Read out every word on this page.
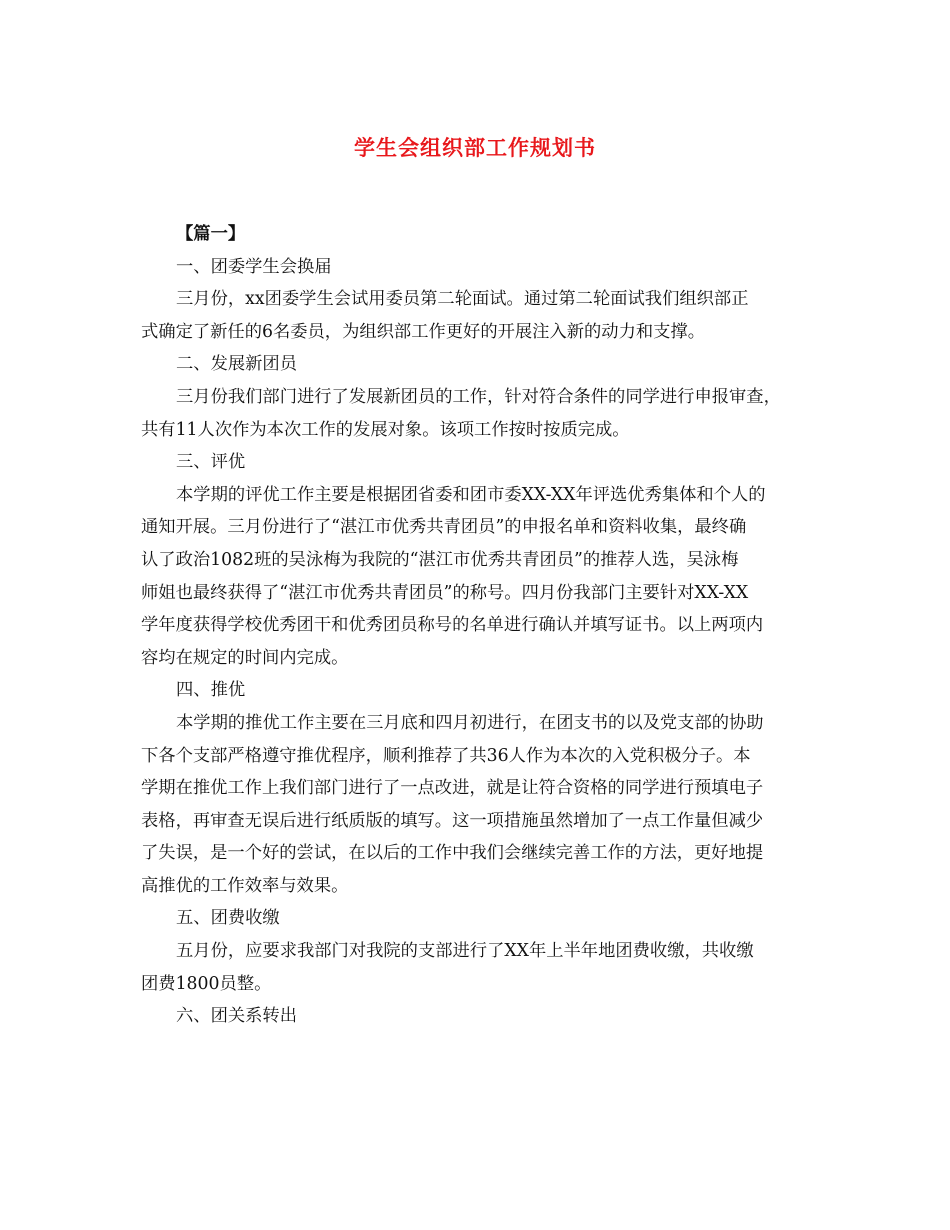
学生会组织部工作规划书
【篇一】
一、团委学生会换届
三月份，xx团委学生会试用委员第二轮面试。通过第二轮面试我们组织部正
式确定了新任的6名委员，为组织部工作更好的开展注入新的动力和支撑。
二、发展新团员
三月份我们部门进行了发展新团员的工作，针对符合条件的同学进行申报审查，
共有11人次作为本次工作的发展对象。该项工作按时按质完成。
三、评优
本学期的评优工作主要是根据团省委和团市委XX-XX年评选优秀集体和个人的
通知开展。三月份进行了“湛江市优秀共青团员”的申报名单和资料收集，最终确
认了政治1082班的吴泳梅为我院的“湛江市优秀共青团员”的推荐人选，吴泳梅
师姐也最终获得了“湛江市优秀共青团员”的称号。四月份我部门主要针对XX-XX
学年度获得学校优秀团干和优秀团员称号的名单进行确认并填写证书。以上两项内
容均在规定的时间内完成。
四、推优
本学期的推优工作主要在三月底和四月初进行，在团支书的以及党支部的协助
下各个支部严格遵守推优程序，顺利推荐了共36人作为本次的入党积极分子。本
学期在推优工作上我们部门进行了一点改进，就是让符合资格的同学进行预填电子
表格，再审查无误后进行纸质版的填写。这一项措施虽然增加了一点工作量但减少
了失误，是一个好的尝试，在以后的工作中我们会继续完善工作的方法，更好地提
高推优的工作效率与效果。
五、团费收缴
五月份，应要求我部门对我院的支部进行了XX年上半年地团费收缴，共收缴
团费1800员整。
六、团关系转出
